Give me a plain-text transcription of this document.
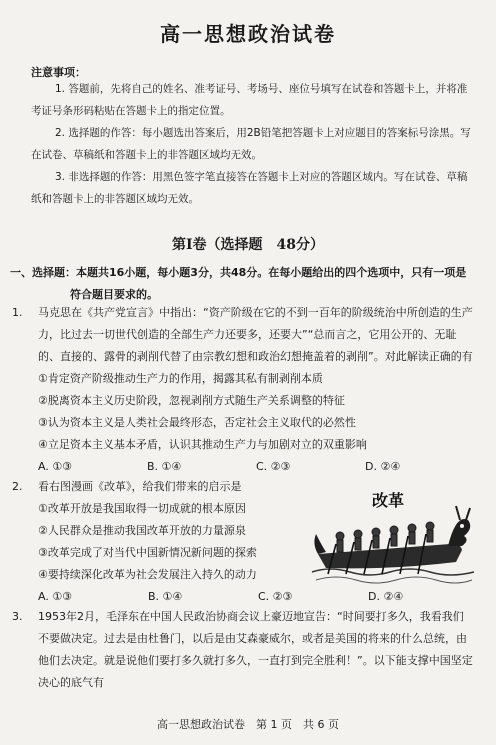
高一思想政治试卷
注意事项：

1. 答题前，先将自己的姓名、准考证号、考场号、座位号填写在试卷和答题卡上，并将准考证号条形码粘贴在答题卡上的指定位置。

2. 选择题的作答：每小题选出答案后，用2B铅笔把答题卡上对应题目的答案标号涂黑。写在试卷、草稿纸和答题卡上的非答题区域均无效。

3. 非选择题的作答：用黑色签字笔直接答在答题卡上对应的答题区域内。写在试卷、草稿纸和答题卡上的非答题区域均无效。

第Ⅰ卷（选择题　48分）
一、选择题：本题共16小题，每小题3分，共48分。在每小题给出的四个选项中，只有一项是
符合题目要求的。
1. 马克思在《共产党宣言》中指出：“资产阶级在它的不到一百年的阶级统治中所创造的生产力，比过去一切世代创造的全部生产力还要多，还要大”“总而言之，它用公开的、无耻的、直接的、露骨的剥削代替了由宗教幻想和政治幻想掩盖着的剥削”。对此解读正确的有
①肯定资产阶级推动生产力的作用，揭露其私有制剥削本质
②脱离资本主义历史阶段，忽视剥削方式随生产关系调整的特征
③认为资本主义是人类社会最终形态，否定社会主义取代的必然性
④立足资本主义基本矛盾，认识其推动生产力与加剧对立的双重影响
A. ①③	B. ①④	C. ②③	D. ②④
2. 看右图漫画《改革》，给我们带来的启示是
①改革开放是我国取得一切成就的根本原因
②人民群众是推动我国改革开放的力量源泉
③改革完成了对当代中国新情况新问题的探索
④要持续深化改革为社会发展注入持久的动力
A. ①③	B. ①④	C. ②③	D. ②④
改革
3. 1953年2月，毛泽东在中国人民政治协商会议上豪迈地宣告：“时间要打多久，我看我们不要做决定。过去是由杜鲁门，以后是由艾森豪威尔，或者是美国的将来的什么总统，由他们去决定。就是说他们要打多久就打多久，一直打到完全胜利！”。以下能支撑中国坚定决心的底气有
高一思想政治试卷　第 1 页　共 6 页
